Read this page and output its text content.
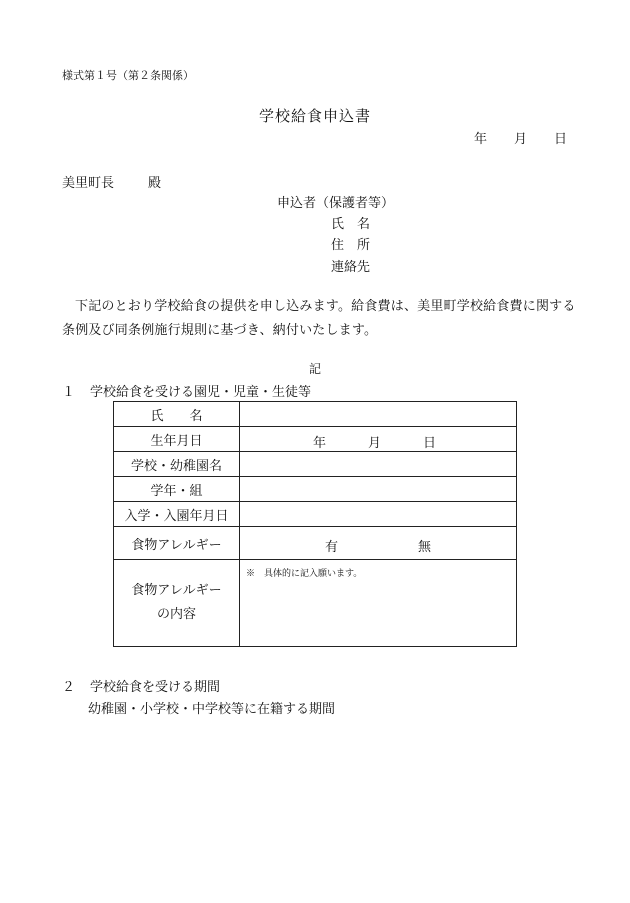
様式第１号（第２条関係）
学校給食申込書
年 月 日
美里町長	殿
申込者（保護者等）
氏　名
住　所
連絡先
下記のとおり学校給食の提供を申し込みます。給食費は、美里町学校給食費に関する条例及び同条例施行規則に基づき、納付いたします。
記
１ 学校給食を受ける園児・児童・生徒等
氏　　名	
生年月日	年 月 日

学校・幼稚園名	
学年・組	
入学・入園年月日	
食物アレルギー	有 無

食物アレルギー
の内容	※　具体的に記入願います。
２ 学校給食を受ける期間
幼稚園・小学校・中学校等に在籍する期間
